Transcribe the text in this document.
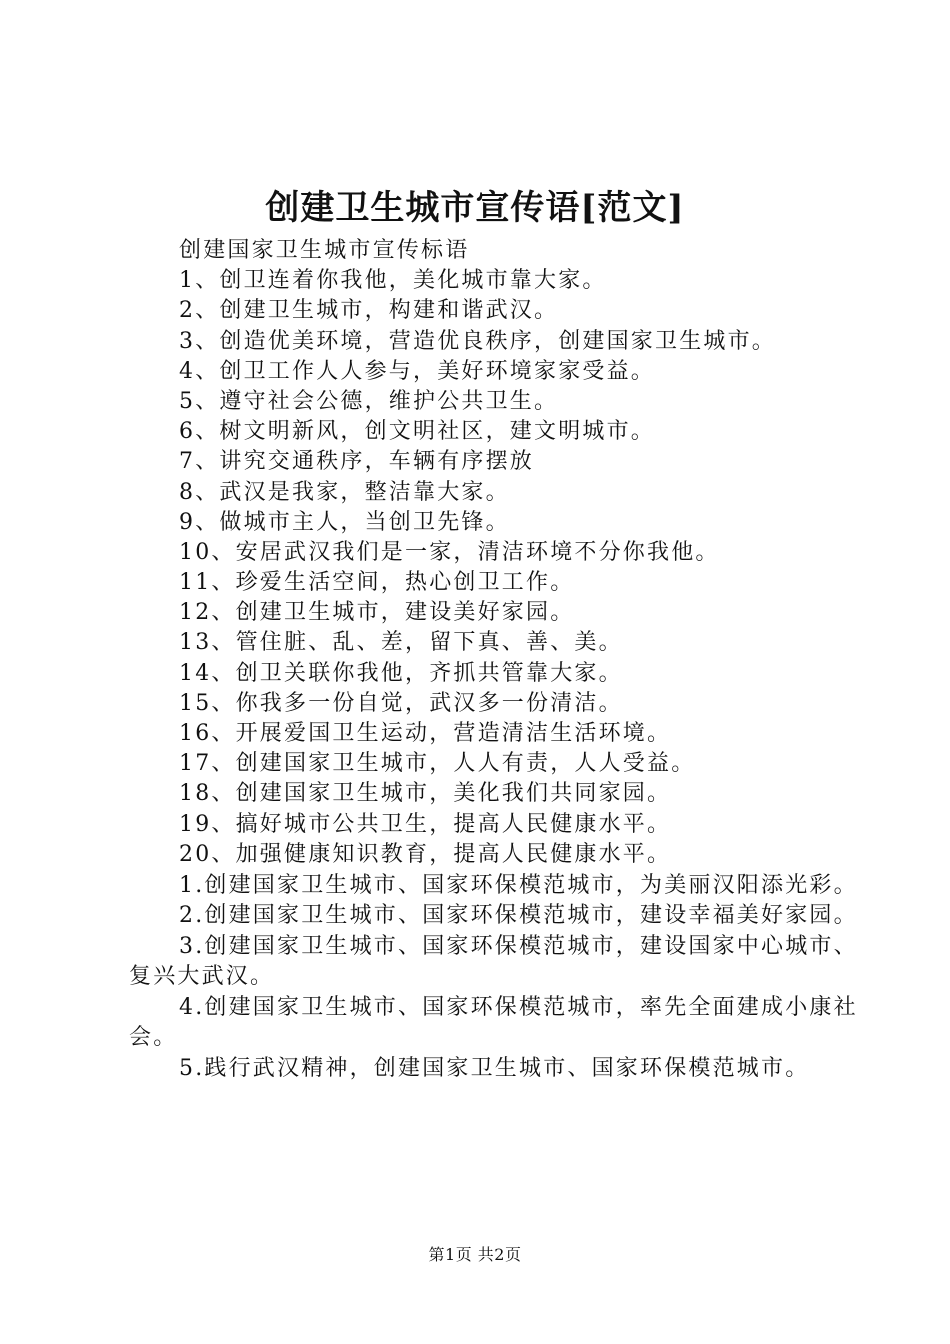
创建卫生城市宣传语[范文]
创建国家卫生城市宣传标语
1、创卫连着你我他，美化城市靠大家。
2、创建卫生城市，构建和谐武汉。
3、创造优美环境，营造优良秩序，创建国家卫生城市。
4、创卫工作人人参与，美好环境家家受益。
5、遵守社会公德，维护公共卫生。
6、树文明新风，创文明社区，建文明城市。
7、讲究交通秩序，车辆有序摆放
8、武汉是我家，整洁靠大家。
9、做城市主人，当创卫先锋。
10、安居武汉我们是一家，清洁环境不分你我他。
11、珍爱生活空间，热心创卫工作。
12、创建卫生城市，建设美好家园。
13、管住脏、乱、差，留下真、善、美。
14、创卫关联你我他，齐抓共管靠大家。
15、你我多一份自觉，武汉多一份清洁。
16、开展爱国卫生运动，营造清洁生活环境。
17、创建国家卫生城市，人人有责，人人受益。
18、创建国家卫生城市，美化我们共同家园。
19、搞好城市公共卫生，提高人民健康水平。
20、加强健康知识教育，提高人民健康水平。

1.创建国家卫生城市、国家环保模范城市，为美丽汉阳添光彩。

2.创建国家卫生城市、国家环保模范城市，建设幸福美好家园。

3.创建国家卫生城市、国家环保模范城市，建设国家中心城市、复兴大武汉。

4.创建国家卫生城市、国家环保模范城市，率先全面建成小康社会。

5.践行武汉精神，创建国家卫生城市、国家环保模范城市。

第1页 共2页
